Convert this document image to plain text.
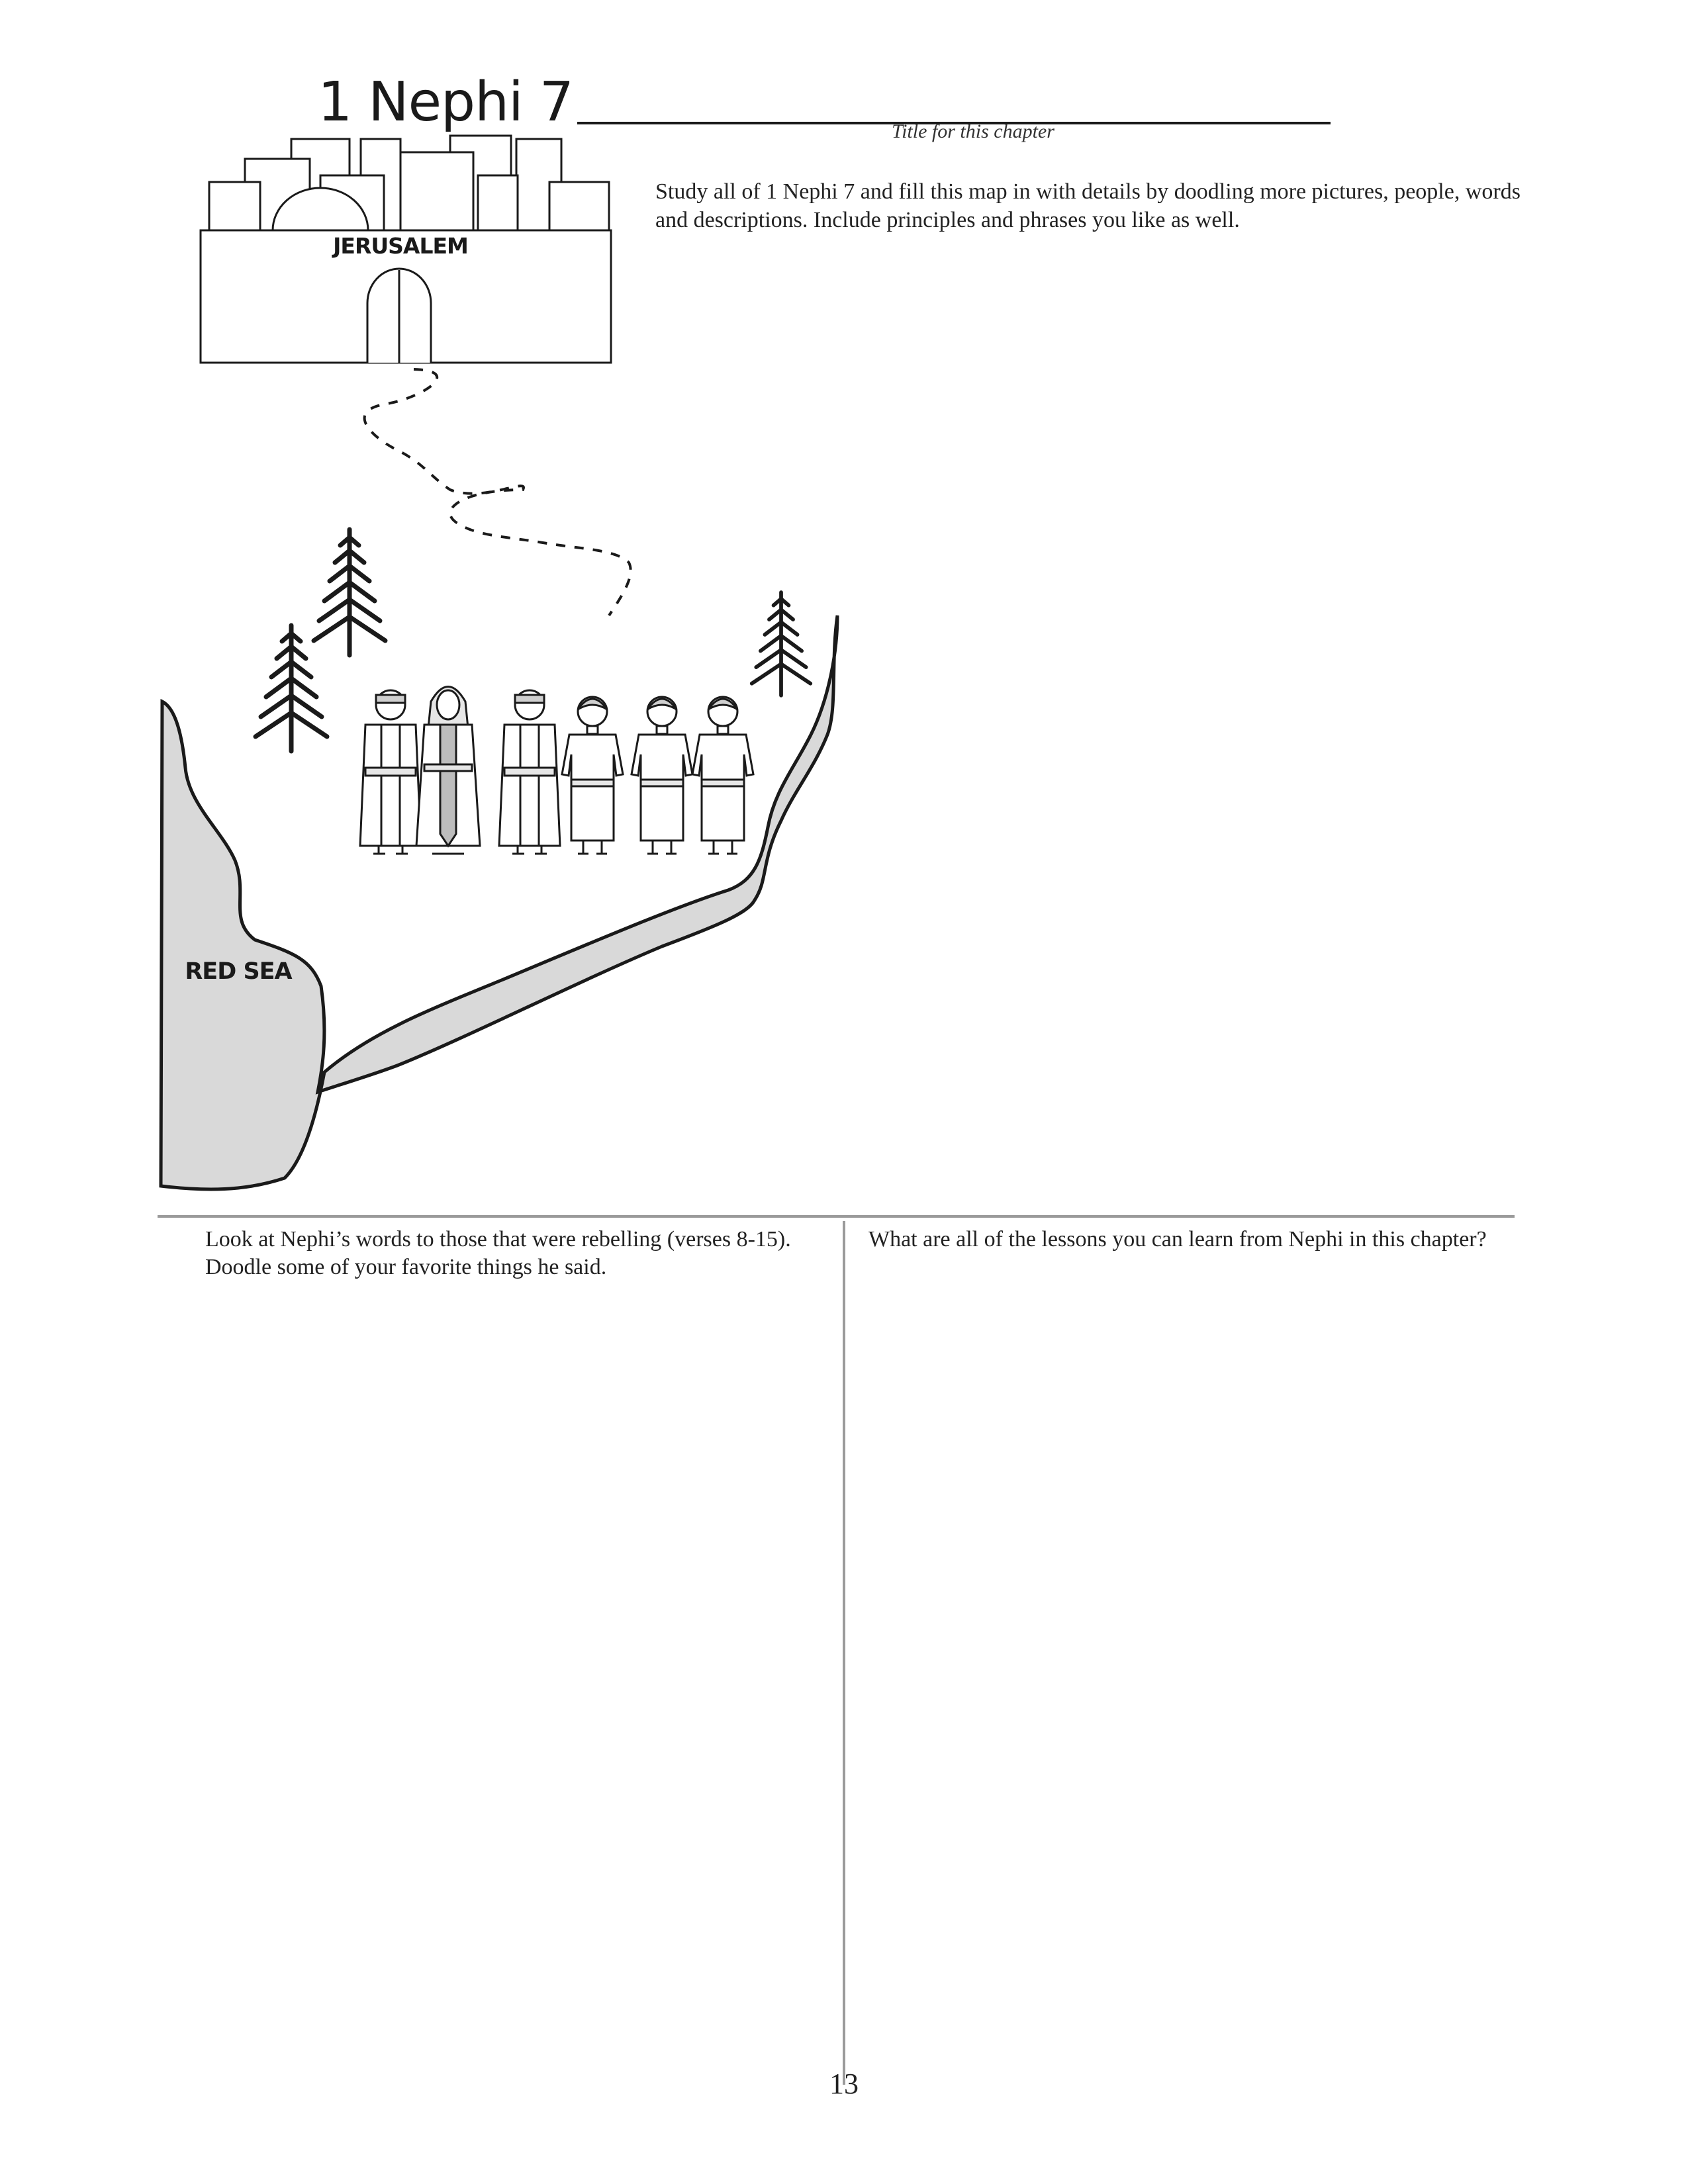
1 Nephi 7	Title for this chapter
Study all of 1 Nephi 7 and fill this map in with details by doodling more pictures, people, words and descriptions. Include principles and phrases you like as well.
JERUSALEM
RED SEA
Look at Nephi’s words to those that were rebelling (verses 8-15). Doodle some of your favorite things he said.
What are all of the lessons you can learn from Nephi in this chapter?
13
